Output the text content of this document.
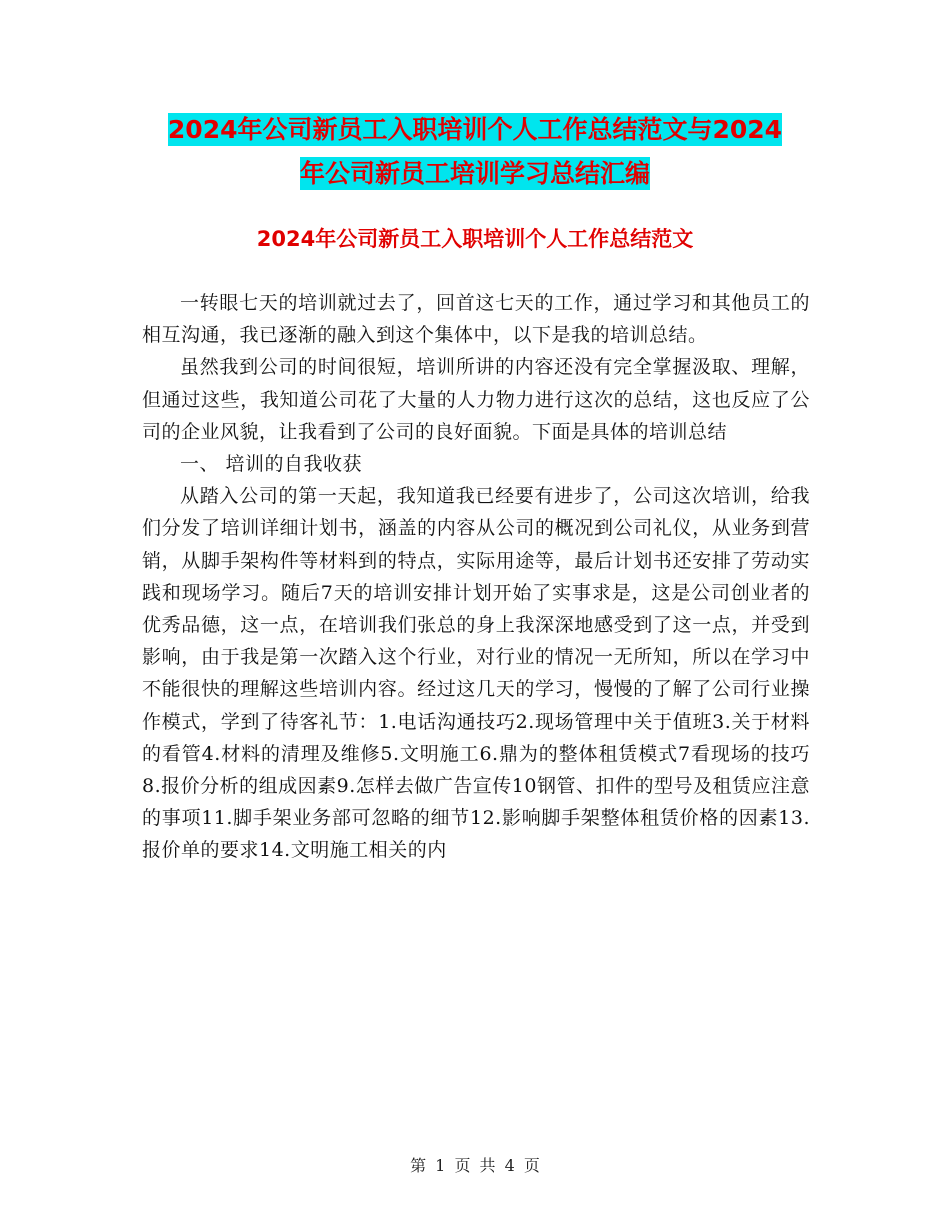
2024年公司新员工入职培训个人工作总结范文与2024
年公司新员工培训学习总结汇编
2024年公司新员工入职培训个人工作总结范文

一转眼七天的培训就过去了，回首这七天的工作，通过学习和其他员工的相互沟通，我已逐渐的融入到这个集体中，以下是我的培训总结。

虽然我到公司的时间很短，培训所讲的内容还没有完全掌握汲取、理解，但通过这些，我知道公司花了大量的人力物力进行这次的总结，这也反应了公司的企业风貌，让我看到了公司的良好面貌。下面是具体的培训总结

一、 培训的自我收获

从踏入公司的第一天起，我知道我已经要有进步了，公司这次培训，给我们分发了培训详细计划书，涵盖的内容从公司的概况到公司礼仪，从业务到营销，从脚手架构件等材料到的特点，实际用途等，最后计划书还安排了劳动实践和现场学习。随后7天的培训安排计划开始了实事求是，这是公司创业者的优秀品德，这一点，在培训我们张总的身上我深深地感受到了这一点，并受到影响，由于我是第一次踏入这个行业，对行业的情况一无所知，所以在学习中不能很快的理解这些培训内容。经过这几天的学习，慢慢的了解了公司行业操作模式，学到了待客礼节：1.电话沟通技巧2.现场管理中关于值班3.关于材料的看管4.材料的清理及维修5.文明施工6.鼎为的整体租赁模式7看现场的技巧8.报价分析的组成因素9.怎样去做广告宣传10钢管、扣件的型号及租赁应注意的事项11.脚手架业务部可忽略的细节12.影响脚手架整体租赁价格的因素13.报价单的要求14.文明施工相关的内

第 1 页 共 4 页
